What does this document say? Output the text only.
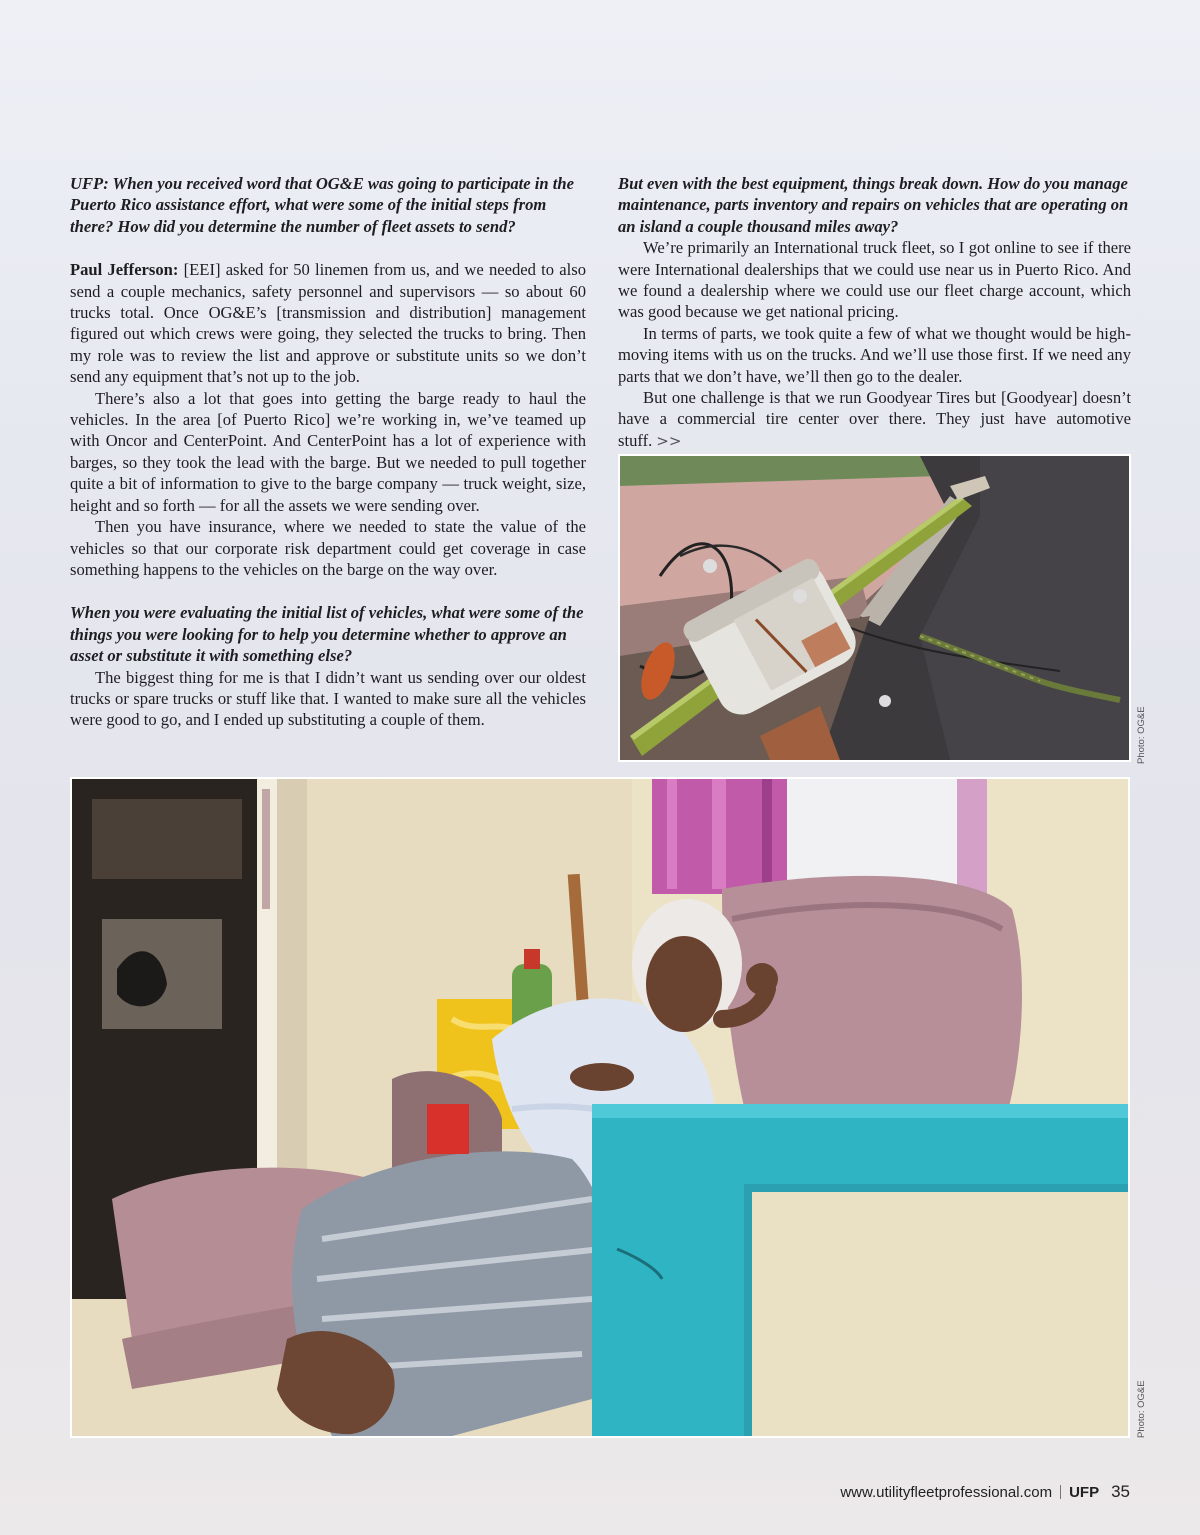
UFP: When you received word that OG&E was going to participate in the Puerto Rico assistance effort, what were some of the initial steps from there? How did you determine the number of fleet assets to send?

Paul Jefferson: [EEI] asked for 50 linemen from us, and we needed to also send a couple mechanics, safety personnel and supervisors — so about 60 trucks total. Once OG&E’s [transmission and distribution] management figured out which crews were going, they selected the trucks to bring. Then my role was to review the list and approve or substitute units so we don’t send any equipment that’s not up to the job.

There’s also a lot that goes into getting the barge ready to haul the vehicles. In the area [of Puerto Rico] we’re working in, we’ve teamed up with Oncor and CenterPoint. And CenterPoint has a lot of experience with barges, so they took the lead with the barge. But we needed to pull together quite a bit of information to give to the barge company — truck weight, size, height and so forth — for all the assets we were sending over.

Then you have insurance, where we needed to state the value of the vehicles so that our corporate risk department could get coverage in case something happens to the vehicles on the barge on the way over.

When you were evaluating the initial list of vehicles, what were some of the things you were looking for to help you determine whether to approve an asset or substitute it with something else?

The biggest thing for me is that I didn’t want us sending over our oldest trucks or spare trucks or stuff like that. I wanted to make sure all the vehicles were good to go, and I ended up substituting a couple of them.

But even with the best equipment, things break down. How do you manage maintenance, parts inventory and repairs on vehicles that are operating on an island a couple thousand miles away?

We’re primarily an International truck fleet, so I got online to see if there were International dealerships that we could use near us in Puerto Rico. And we found a dealership where we could use our fleet charge account, which was good because we get national pricing.

In terms of parts, we took quite a few of what we thought would be high-moving items with us on the trucks. And we’ll use those first. If we need any parts that we don’t have, we’ll then go to the dealer.

But one challenge is that we run Goodyear Tires but [Goodyear] doesn’t have a commercial tire center over there. They just have automotive stuff. >>

Photo: OG&E
Photo: OG&E
www.utilityfleetprofessional.com UFP 35
